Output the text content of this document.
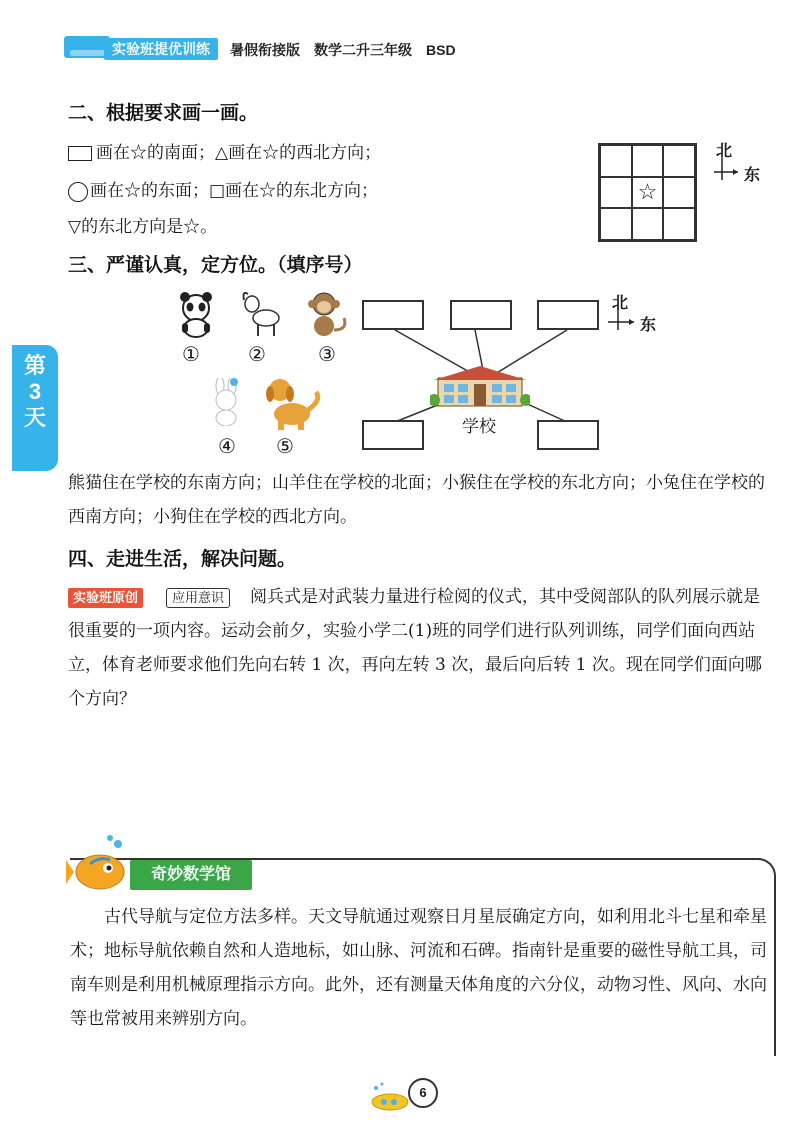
实验班提优训练	暑假衔接版　数学二升三年级　BSD
第
3
天
二、根据要求画一画。
画在☆的南面；△画在☆的西北方向；
画在☆的东面；□画在☆的东北方向；
▽的东北方向是☆。
☆
北
东
三、严谨认真，定方位。（填序号）
① ②	③
④ ⑤
学校
北
东
熊猫住在学校的东南方向；山羊住在学校的北面；小猴住在学校的东北方向；小兔住在学校的西南方向；小狗住在学校的西北方向。
四、走进生活，解决问题。
实验班原创	应用意识	阅兵式是对武装力量进行检阅的仪式，其中受阅部队的队列展示就是很重要的一项内容。运动会前夕，实验小学二(1)班的同学们进行队列训练，同学们面向西站立，体育老师要求他们先向右转 1 次，再向左转 3 次，最后向后转 1 次。现在同学们面向哪个方向？
奇妙数学馆
古代导航与定位方法多样。天文导航通过观察日月星辰确定方向，如利用北斗七星和牵星术；地标导航依赖自然和人造地标，如山脉、河流和石碑。指南针是重要的磁性导航工具，司南车则是利用机械原理指示方向。此外，还有测量天体角度的六分仪，动物习性、风向、水向等也常被用来辨别方向。
6
